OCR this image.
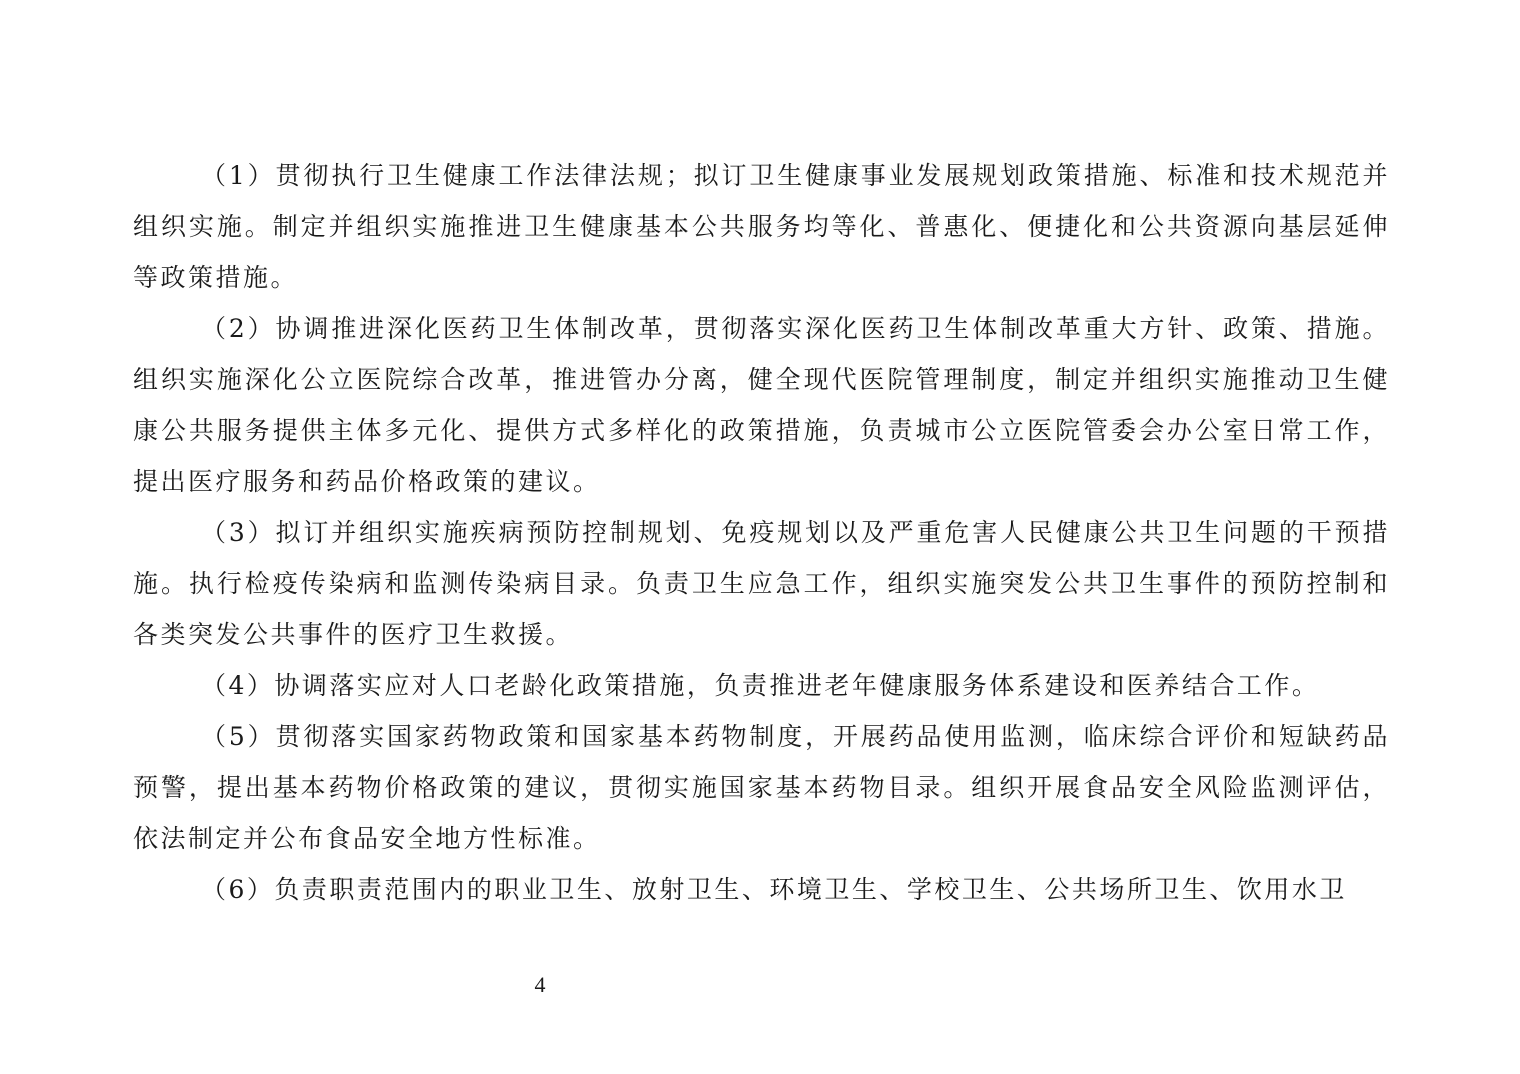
（1）贯彻执行卫生健康工作法律法规；拟订卫生健康事业发展规划政策措施、标准和技术规范并组织实施。制定并组织实施推进卫生健康基本公共服务均等化、普惠化、便捷化和公共资源向基层延伸等政策措施。

（2）协调推进深化医药卫生体制改革，贯彻落实深化医药卫生体制改革重大方针、政策、措施。组织实施深化公立医院综合改革，推进管办分离，健全现代医院管理制度，制定并组织实施推动卫生健康公共服务提供主体多元化、提供方式多样化的政策措施，负责城市公立医院管委会办公室日常工作，提出医疗服务和药品价格政策的建议。

（3）拟订并组织实施疾病预防控制规划、免疫规划以及严重危害人民健康公共卫生问题的干预措施。执行检疫传染病和监测传染病目录。负责卫生应急工作，组织实施突发公共卫生事件的预防控制和各类突发公共事件的医疗卫生救援。

（4）协调落实应对人口老龄化政策措施，负责推进老年健康服务体系建设和医养结合工作。

（5）贯彻落实国家药物政策和国家基本药物制度，开展药品使用监测，临床综合评价和短缺药品预警，提出基本药物价格政策的建议，贯彻实施国家基本药物目录。组织开展食品安全风险监测评估，依法制定并公布食品安全地方性标准。

（6）负责职责范围内的职业卫生、放射卫生、环境卫生、学校卫生、公共场所卫生、饮用水卫

4
